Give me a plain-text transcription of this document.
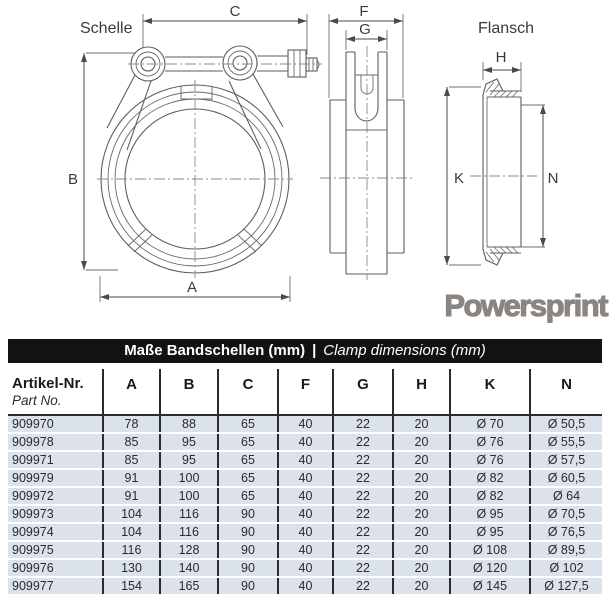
C
B
A
Schelle
F
G	Flansch
H
K	N
Powersprint
Maße Bandschellen (mm) | Clamp dimensions (mm)
Artikel-Nr.
Part No.	A	B	C	F	G	H	K	N
909970	78	88	65	40	22	20	Ø 70	Ø 50,5
909978	85	95	65	40	22	20	Ø 76	Ø 55,5
909971	85	95	65	40	22	20	Ø 76	Ø 57,5
909979	91	100	65	40	22	20	Ø 82	Ø 60,5
909972	91	100	65	40	22	20	Ø 82	Ø 64
909973	104	116	90	40	22	20	Ø 95	Ø 70,5
909974	104	116	90	40	22	20	Ø 95	Ø 76,5
909975	116	128	90	40	22	20	Ø 108	Ø 89,5
909976	130	140	90	40	22	20	Ø 120	Ø 102
909977	154	165	90	40	22	20	Ø 145	Ø 127,5
